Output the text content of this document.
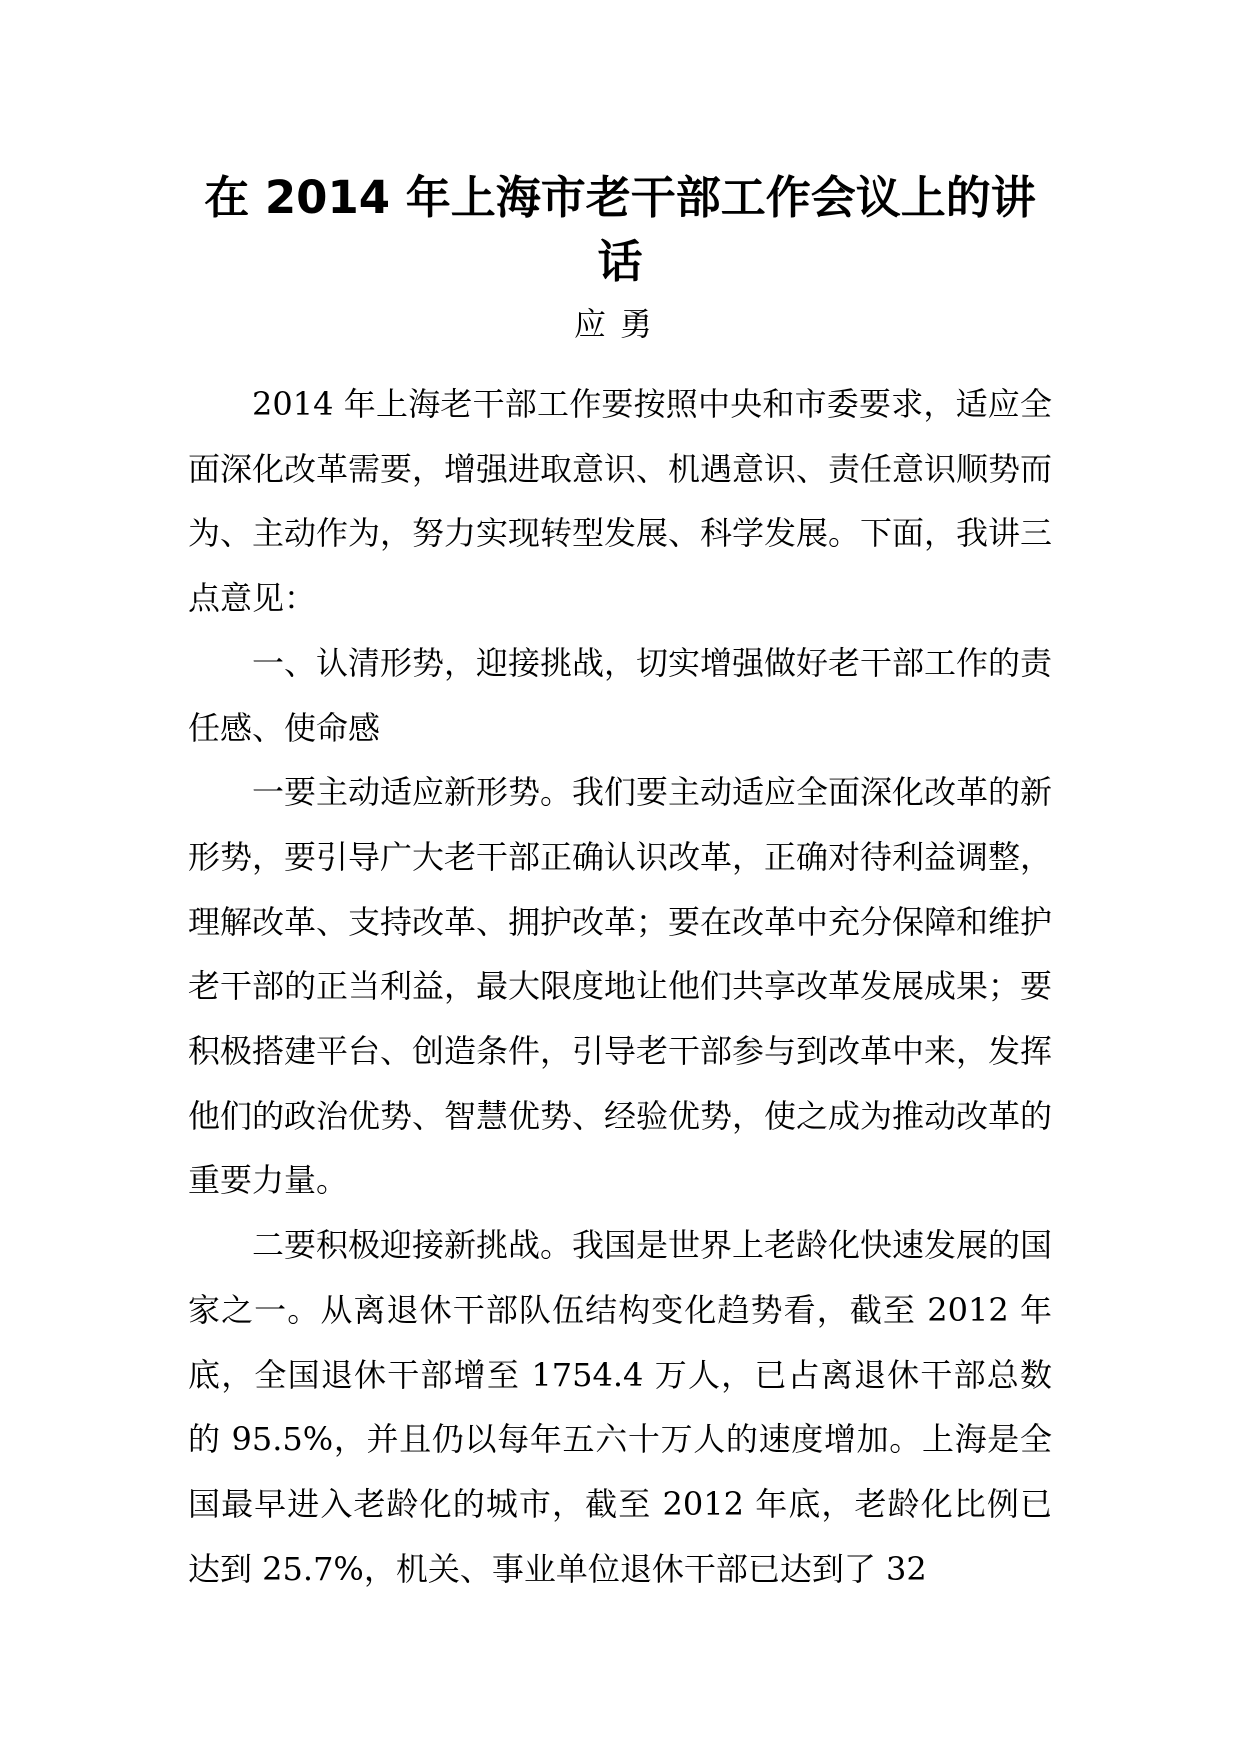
在 2014 年上海市老干部工作会议上的讲话
应勇

2014 年上海老干部工作要按照中央和市委要求，适应全面深化改革需要，增强进取意识、机遇意识、责任意识顺势而为、主动作为，努力实现转型发展、科学发展。下面，我讲三点意见：

一、认清形势，迎接挑战，切实增强做好老干部工作的责任感、使命感

一要主动适应新形势。我们要主动适应全面深化改革的新形势，要引导广大老干部正确认识改革，正确对待利益调整，理解改革、支持改革、拥护改革；要在改革中充分保障和维护老干部的正当利益，最大限度地让他们共享改革发展成果；要积极搭建平台、创造条件，引导老干部参与到改革中来，发挥他们的政治优势、智慧优势、经验优势，使之成为推动改革的重要力量。

二要积极迎接新挑战。我国是世界上老龄化快速发展的国家之一。从离退休干部队伍结构变化趋势看，截至 2012 年底，全国退休干部增至 1754.4 万人，已占离退休干部总数的 95.5%，并且仍以每年五六十万人的速度增加。上海是全国最早进入老龄化的城市，截至 2012 年底，老龄化比例已达到 25.7%，机关、事业单位退休干部已达到了 32
